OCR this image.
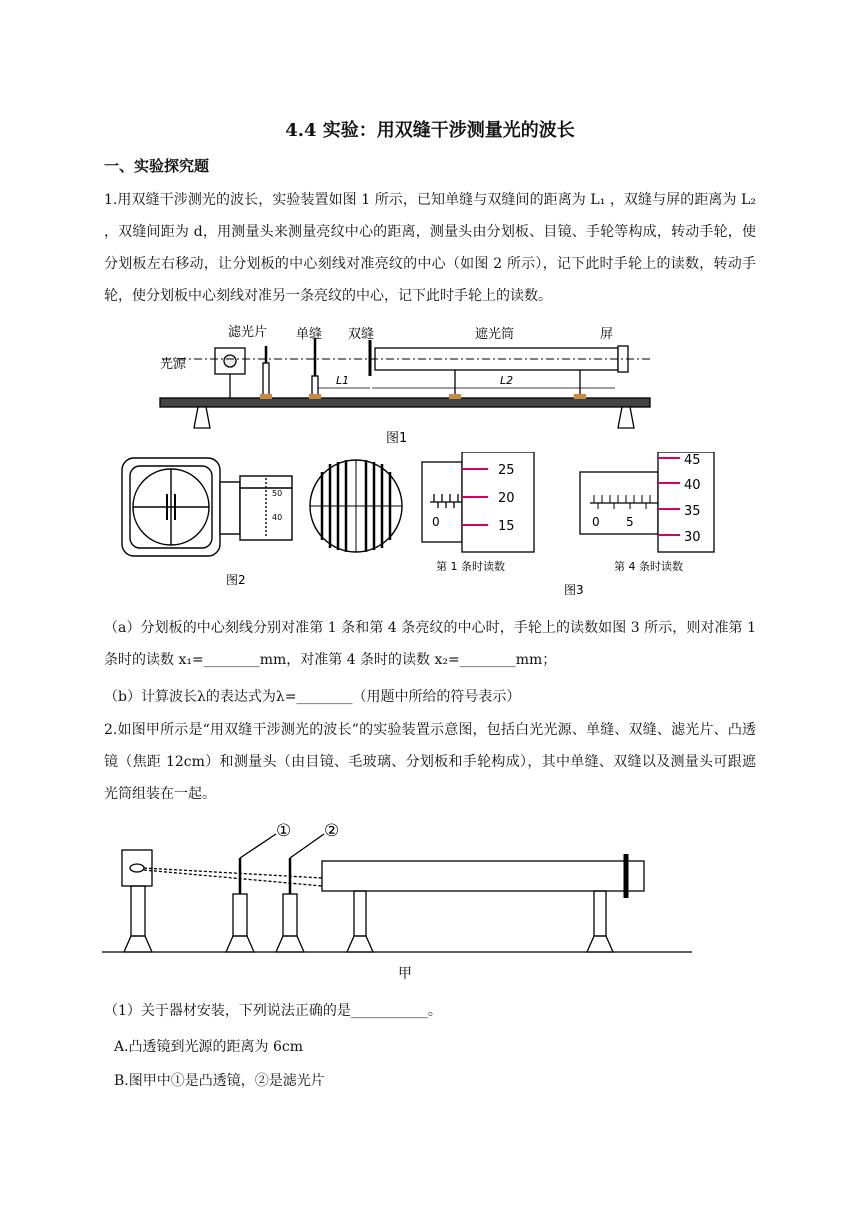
4.4 实验：用双缝干涉测量光的波长
一、实验探究题
1.用双缝干涉测光的波长，实验装置如图 1 所示，已知单缝与双缝间的距离为 L₁ ，双缝与屏的距离为 L₂ ，双缝间距为 d，用测量头来测量亮纹中心的距离，测量头由分划板、目镜、手轮等构成，转动手轮，使分划板左右移动，让分划板的中心刻线对准亮纹的中心（如图 2 所示），记下此时手轮上的读数，转动手轮，使分划板中心刻线对准另一条亮纹的中心，记下此时手轮上的读数。
光源
滤光片 单缝 双缝	遮光筒	屏
L1	L2
图1
50
40
图2
25
20
15
0
45
40
35
30
0 5
第 1 条时读数	第 4 条时读数
图3
（a）分划板的中心刻线分别对准第 1 条和第 4 条亮纹的中心时，手轮上的读数如图 3 所示，则对准第 1 条时的读数 x₁=________mm，对准第 4 条时的读数 x₂=________mm；
（b）计算波长λ的表达式为λ=________（用题中所给的符号表示）
2.如图甲所示是“用双缝干涉测光的波长”的实验装置示意图，包括白光光源、单缝、双缝、滤光片、凸透镜（焦距 12cm）和测量头（由目镜、毛玻璃、分划板和手轮构成），其中单缝、双缝以及测量头可跟遮光筒组装在一起。
① ②
甲
（1）关于器材安装，下列说法正确的是___________。
A.凸透镜到光源的距离为 6cm
B.图甲中①是凸透镜，②是滤光片
